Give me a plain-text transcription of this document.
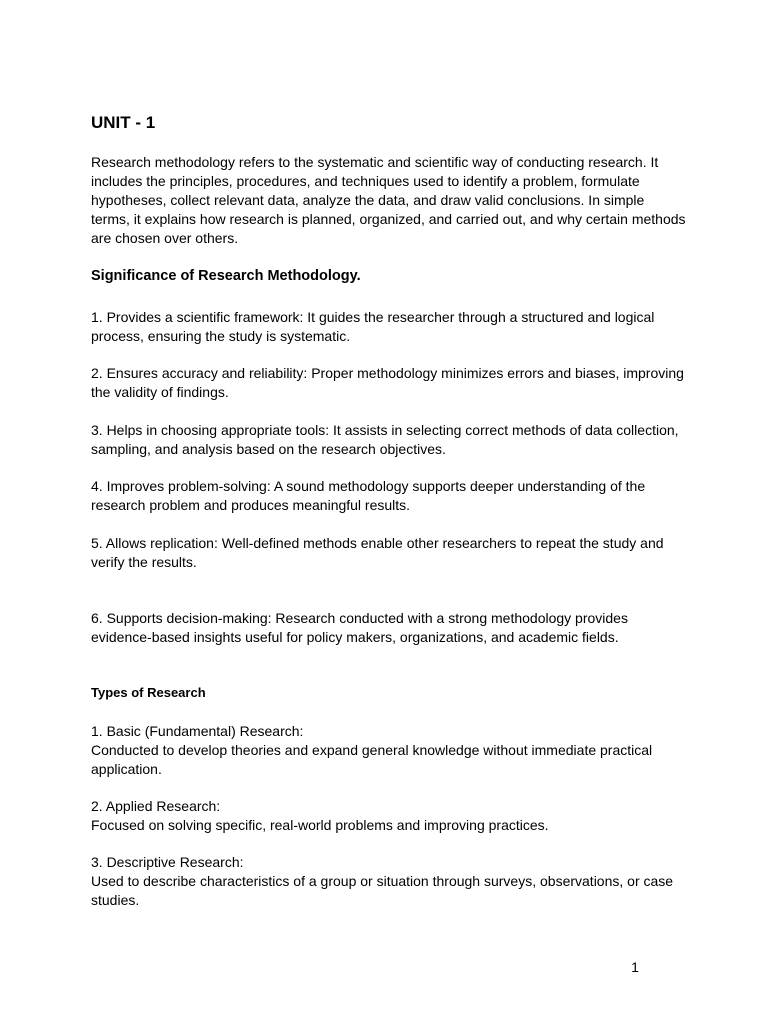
UNIT - 1

Research methodology refers to the systematic and scientific way of conducting research. It
includes the principles, procedures, and techniques used to identify a problem, formulate
hypotheses, collect relevant data, analyze the data, and draw valid conclusions. In simple
terms, it explains how research is planned, organized, and carried out, and why certain methods
are chosen over others.

Significance of Research Methodology.

1. Provides a scientific framework: It guides the researcher through a structured and logical
process, ensuring the study is systematic.

2. Ensures accuracy and reliability: Proper methodology minimizes errors and biases, improving
the validity of findings.

3. Helps in choosing appropriate tools: It assists in selecting correct methods of data collection,
sampling, and analysis based on the research objectives.

4. Improves problem-solving: A sound methodology supports deeper understanding of the
research problem and produces meaningful results.

5. Allows replication: Well-defined methods enable other researchers to repeat the study and
verify the results.

6. Supports decision-making: Research conducted with a strong methodology provides
evidence-based insights useful for policy makers, organizations, and academic fields.

Types of Research

1. Basic (Fundamental) Research:
Conducted to develop theories and expand general knowledge without immediate practical
application.

2. Applied Research:
Focused on solving specific, real-world problems and improving practices.

3. Descriptive Research:
Used to describe characteristics of a group or situation through surveys, observations, or case
studies.

1
